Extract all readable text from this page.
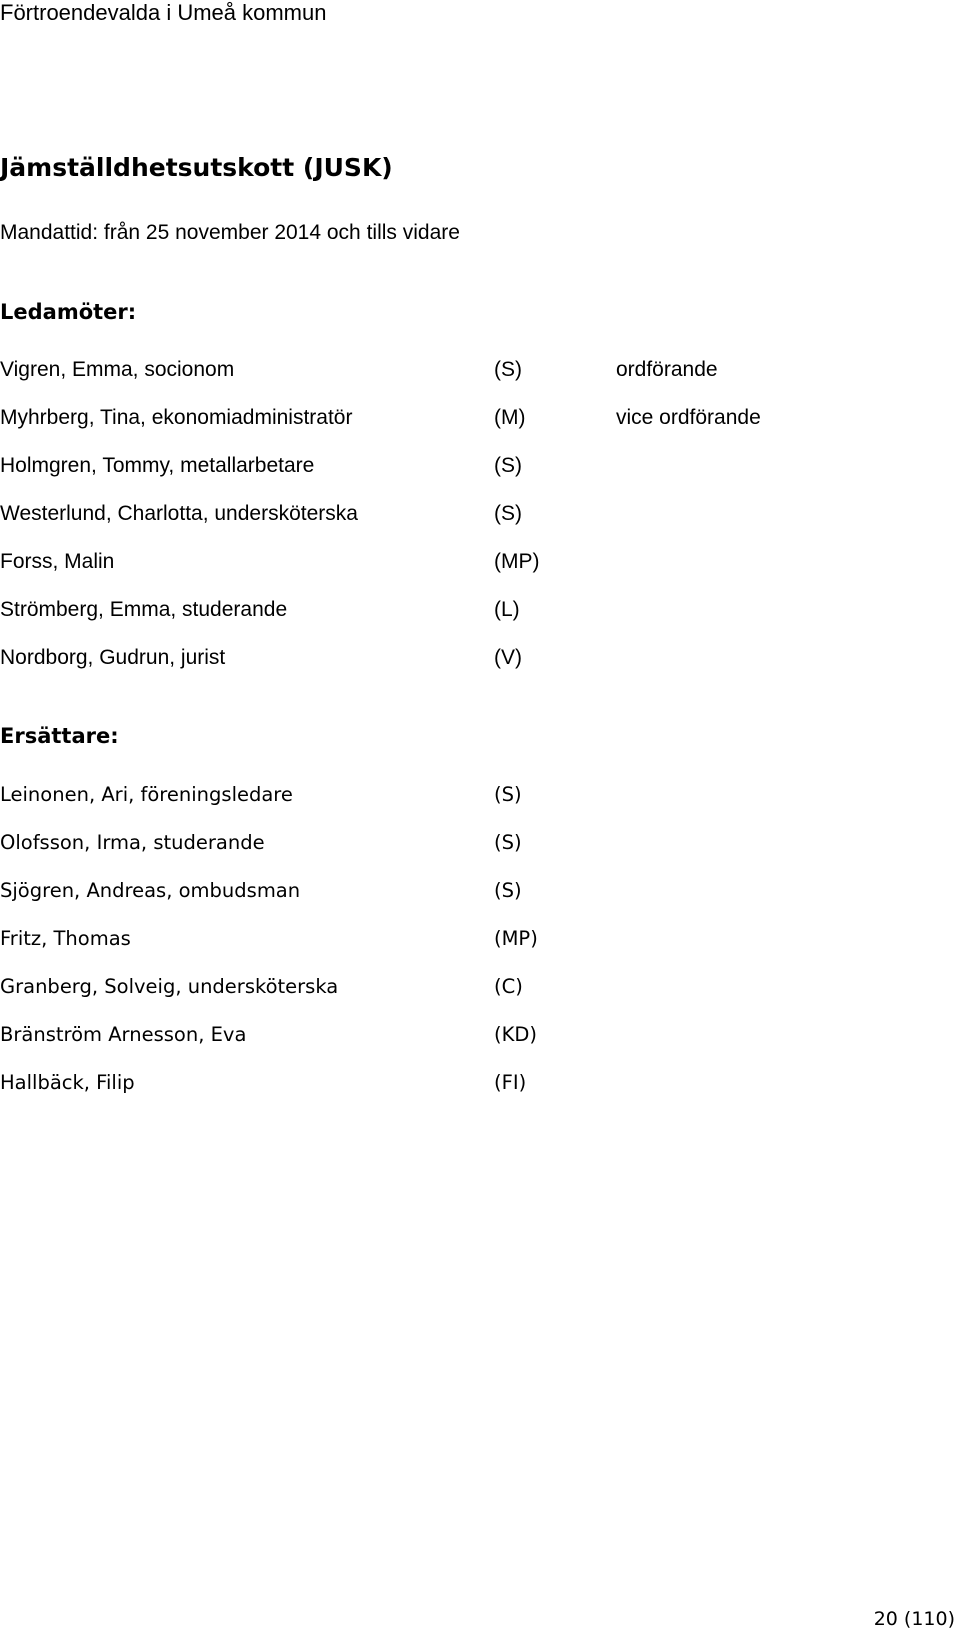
Förtroendevalda i Umeå kommun
Jämställdhetsutskott (JUSK)
Mandattid: från 25 november 2014 och tills vidare
Ledamöter:
Vigren, Emma, socionom	(S)	ordförande
Myhrberg, Tina, ekonomiadministratör	(M)	vice ordförande
Holmgren, Tommy, metallarbetare	(S)
Westerlund, Charlotta, undersköterska	(S)
Forss, Malin	(MP)
Strömberg, Emma, studerande	(L)
Nordborg, Gudrun, jurist	(V)
Ersättare:
Leinonen, Ari, föreningsledare	(S)
Olofsson, Irma, studerande	(S)
Sjögren, Andreas, ombudsman	(S)
Fritz, Thomas	(MP)
Granberg, Solveig, undersköterska	(C)
Bränström Arnesson, Eva	(KD)
Hallbäck, Filip	(FI)
20 (110)
